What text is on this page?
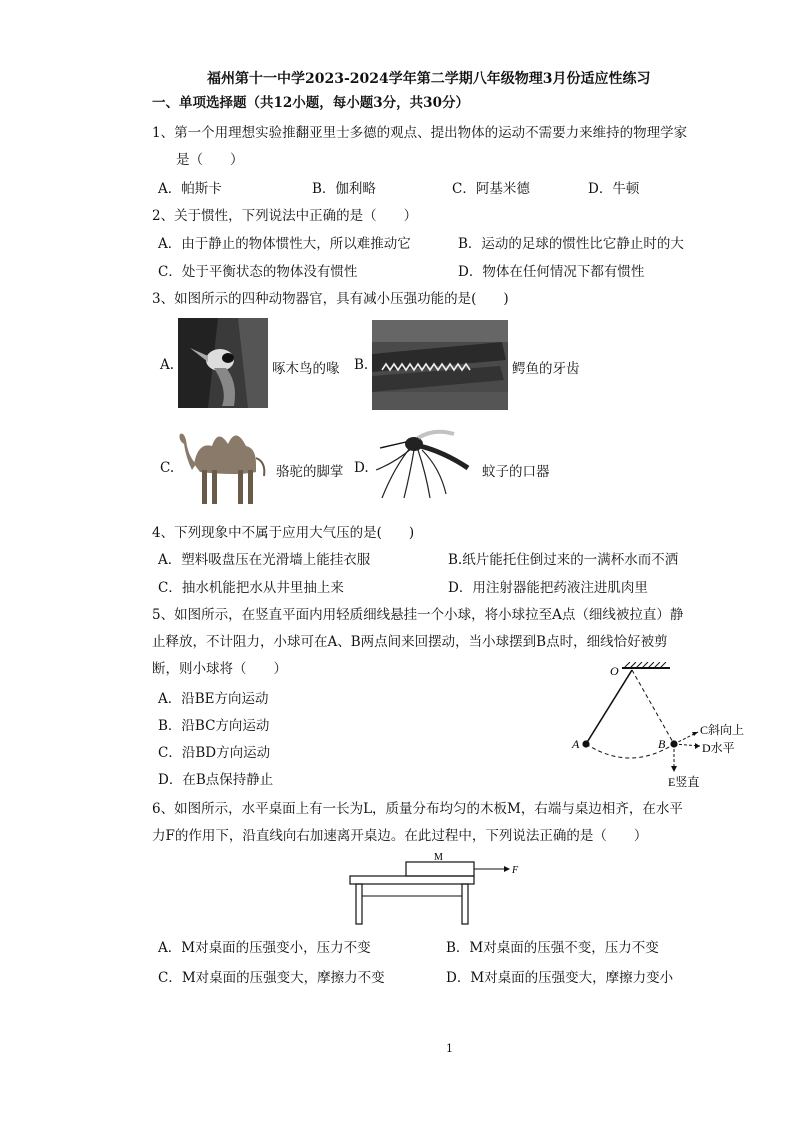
福州第十一中学2023-2024学年第二学期八年级物理3月份适应性练习
一、单项选择题（共12小题，每小题3分，共30分）
1、第一个用理想实验推翻亚里士多德的观点、提出物体的运动不需要力来维持的物理学家
是（　　）
A．帕斯卡	B．伽利略	C．阿基米德	D．牛顿
2、关于惯性，下列说法中正确的是（　　）
A．由于静止的物体惯性大，所以难推动它	B．运动的足球的惯性比它静止时的大
C．处于平衡状态的物体没有惯性	D．物体在任何情况下都有惯性
3、如图所示的四种动物器官，具有减小压强功能的是(　　)
A.	啄木鸟的喙 B.	鳄鱼的牙齿
C.	骆驼的脚掌 D.	蚊子的口器
4、下列现象中不属于应用大气压的是(　　)
A．塑料吸盘压在光滑墙上能挂衣服	B.纸片能托住倒过来的一满杯水而不洒
C．抽水机能把水从井里抽上来	D．用注射器能把药液注进肌肉里
5、如图所示，在竖直平面内用轻质细线悬挂一个小球，将小球拉至A点（细线被拉直）静
止释放，不计阻力，小球可在A、B两点间来回摆动，当小球摆到B点时，细线恰好被剪
断，则小球将（　　）
A．沿BE方向运动
B．沿BC方向运动
C．沿BD方向运动
D．在B点保持静止
O
A	B
C斜向上
D水平
E竖直
6、如图所示，水平桌面上有一长为L，质量分布均匀的木板M，右端与桌边相齐，在水平
力F的作用下，沿直线向右加速离开桌边。在此过程中，下列说法正确的是（　　）
M
F
A．M对桌面的压强变小，压力不变	B．M对桌面的压强不变，压力不变
C．M对桌面的压强变大，摩擦力不变	D．M对桌面的压强变大，摩擦力变小
1
